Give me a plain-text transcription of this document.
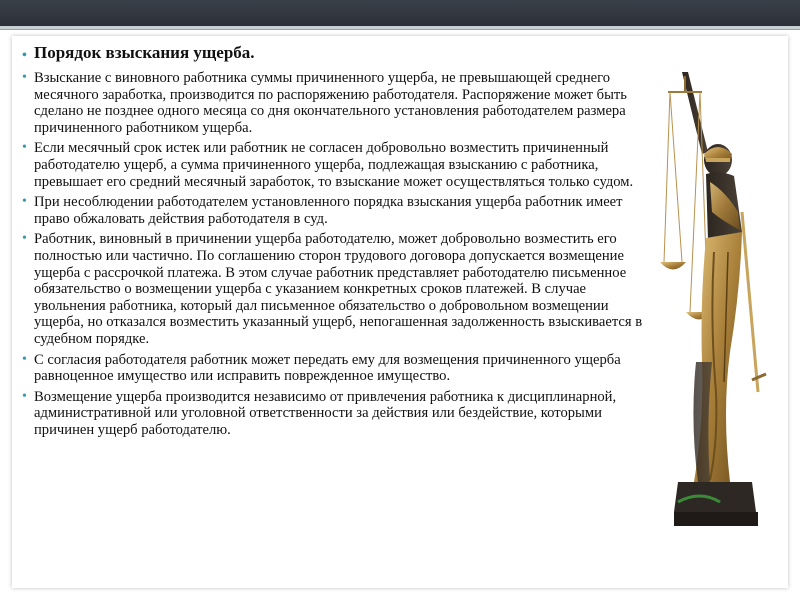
• Порядок взыскания ущерба.
• Взыскание с виновного работника суммы причиненного ущерба, не превышающей среднего месячного заработка, производится по распоряжению работодателя. Распоряжение может быть сделано не позднее одного месяца со дня окончательного установления работодателем размера причиненного работником ущерба.
• Если месячный срок истек или работник не согласен добровольно возместить причиненный работодателю ущерб, а сумма причиненного ущерба, подлежащая взысканию с работника, превышает его средний месячный заработок, то взыскание может осуществляться только судом.
• При несоблюдении работодателем установленного порядка взыскания ущерба работник имеет право обжаловать действия работодателя в суд.
• Работник, виновный в причинении ущерба работодателю, может добровольно возместить его полностью или частично. По соглашению сторон трудового договора допускается возмещение ущерба с рассрочкой платежа. В этом случае работник представляет работодателю письменное обязательство о возмещении ущерба с указанием конкретных сроков платежей. В случае увольнения работника, который дал письменное обязательство о добровольном возмещении ущерба, но отказался возместить указанный ущерб, непогашенная задолженность взыскивается в судебном порядке.
• С согласия работодателя работник может передать ему для возмещения причиненного ущерба равноценное имущество или исправить поврежденное имущество.
• Возмещение ущерба производится независимо от привлечения работника к дисциплинарной, административной или уголовной ответственности за действия или бездействие, которыми причинен ущерб работодателю.
